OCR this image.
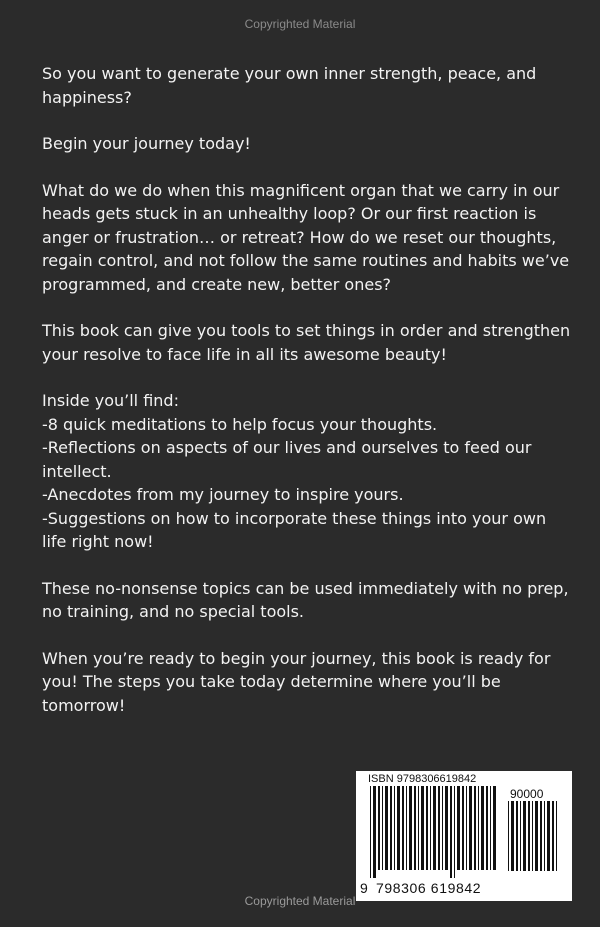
Copyrighted Material

So you want to generate your own inner strength, peace, and happiness?

Begin your journey today!

What do we do when this magnificent organ that we carry in our heads gets stuck in an unhealthy loop? Or our first reaction is anger or frustration… or retreat? How do we reset our thoughts, regain control, and not follow the same routines and habits we’ve programmed, and create new, better ones?

This book can give you tools to set things in order and strengthen your resolve to face life in all its awesome beauty!

Inside you’ll find:
-8 quick meditations to help focus your thoughts.
-Reflections on aspects of our lives and ourselves to feed our intellect.
-Anecdotes from my journey to inspire yours.
-Suggestions on how to incorporate these things into your own life right now!

These no-nonsense topics can be used immediately with no prep, no training, and no special tools.

When you’re ready to begin your journey, this book is ready for you! The steps you take today determine where you’ll be tomorrow!

ISBN 9798306619842
90000
9 798306 619842
Copyrighted Material
